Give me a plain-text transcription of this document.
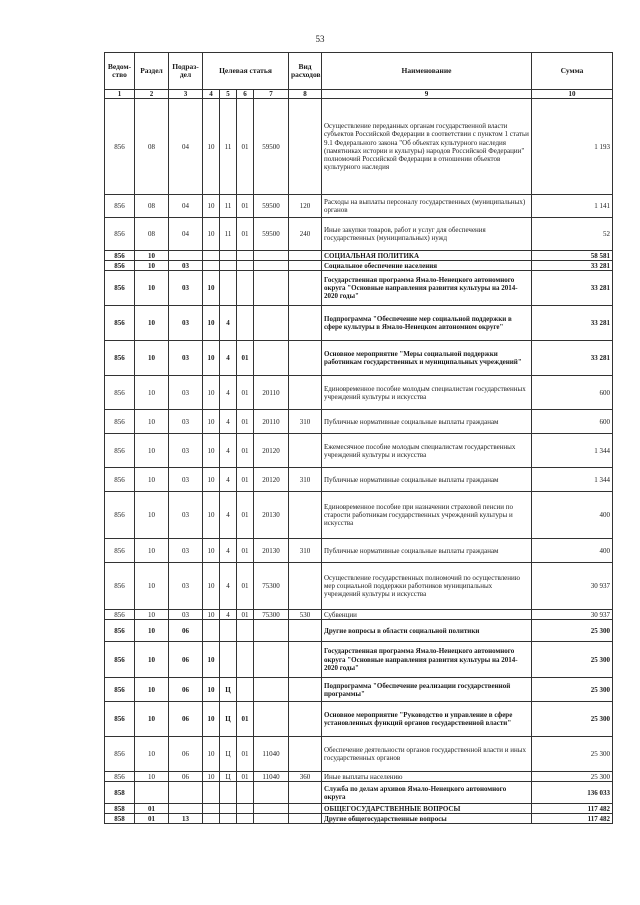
53
Ведом-ство	Раздел	Подраз-дел	Целевая статья				Вид расходов	Наименование	Сумма
1	2	3	4	5	6	7	8	9	10
856	08	04	10	11	01	59500		Осуществление переданных органам государственной власти субъектов Российской Федерации в соответствии с пунктом 1 статьи 9.1 Федерального закона "Об объектах культурного наследия (памятниках истории и культуры) народов Российской Федерации" полномочий Российской Федерации в отношении объектов культурного наследия	1 193
856	08	04	10	11	01	59500	120	Расходы на выплаты персоналу государственных (муниципальных) органов	1 141
856	08	04	10	11	01	59500	240	Иные закупки товаров, работ и услуг для обеспечения государственных (муниципальных) нужд	52
856	10							СОЦИАЛЬНАЯ ПОЛИТИКА	58 581
856	10	03						Социальное обеспечение населения	33 281
856	10	03	10					Государственная программа Ямало-Ненецкого автономного округа "Основные направления развития культуры на 2014-2020 годы"	33 281
856	10	03	10	4				Подпрограмма "Обеспечение мер социальной поддержки в сфере культуры в Ямало-Ненецком автономном округе"	33 281
856	10	03	10	4	01			Основное мероприятие "Меры социальной поддержки работникам государственных и муниципальных учреждений"	33 281
856	10	03	10	4	01	20110		Единовременное пособие молодым специалистам государственных учреждений культуры и искусства	600
856	10	03	10	4	01	20110	310	Публичные нормативные социальные выплаты гражданам	600
856	10	03	10	4	01	20120		Ежемесячное пособие молодым специалистам государственных учреждений культуры и искусства	1 344
856	10	03	10	4	01	20120	310	Публичные нормативные социальные выплаты гражданам	1 344
856	10	03	10	4	01	20130		Единовременное пособие при назначении страховой пенсии по старости работникам государственных учреждений культуры и искусства	400
856	10	03	10	4	01	20130	310	Публичные нормативные социальные выплаты гражданам	400
856	10	03	10	4	01	75300		Осуществление государственных полномочий по осуществлению мер социальной поддержки работников муниципальных учреждений культуры и искусства	30 937
856	10	03	10	4	01	75300	530	Субвенции	30 937
856	10	06						Другие вопросы в области социальной политики	25 300
856	10	06	10					Государственная программа Ямало-Ненецкого автономного округа "Основные направления развития культуры на 2014-2020 годы"	25 300
856	10	06	10	Ц				Подпрограмма "Обеспечение реализации государственной программы"	25 300
856	10	06	10	Ц	01			Основное мероприятие "Руководство и управление в сфере установленных функций органов государственной власти"	25 300
856	10	06	10	Ц	01	11040		Обеспечение деятельности органов государственной власти и иных государственных органов	25 300
856	10	06	10	Ц	01	11040	360	Иные выплаты населению	25 300
858								Служба по делам архивов Ямало-Ненецкого автономного округа	136 033
858	01							ОБЩЕГОСУДАРСТВЕННЫЕ ВОПРОСЫ	117 482
858	01	13						Другие общегосударственные вопросы	117 482
